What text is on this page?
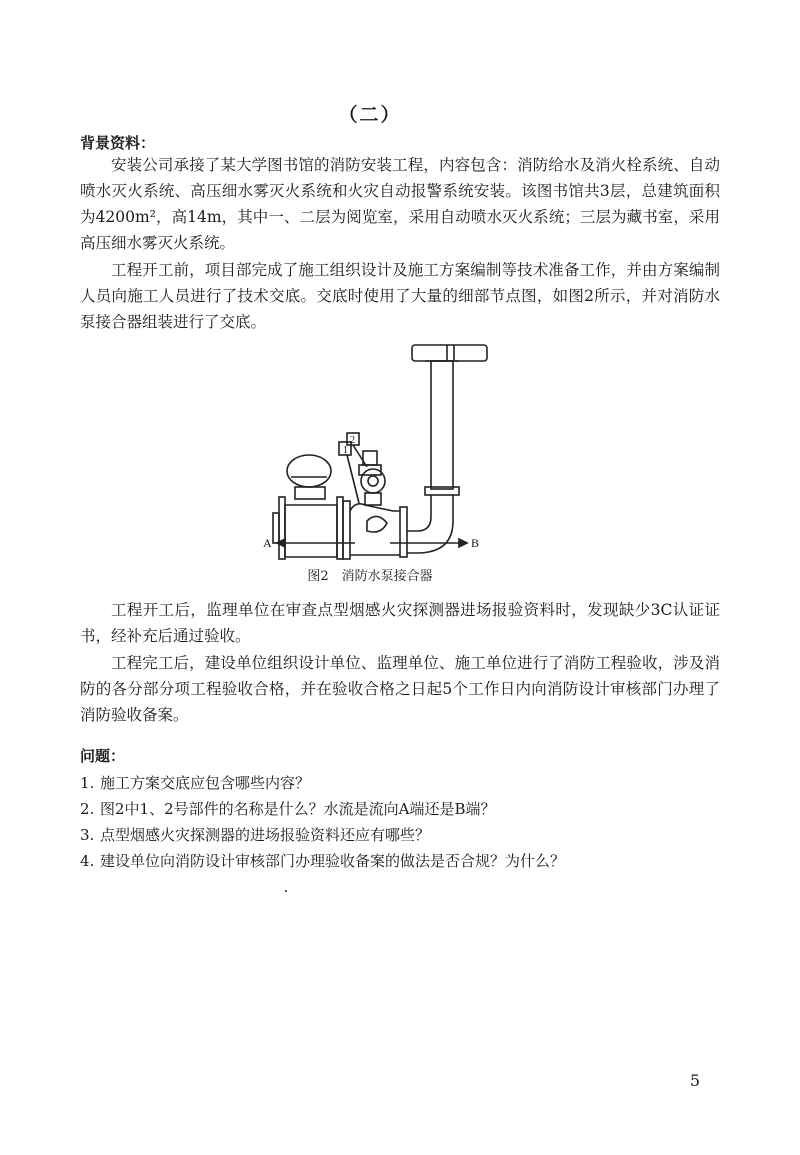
（二）
背景资料：

安装公司承接了某大学图书馆的消防安装工程，内容包含：消防给水及消火栓系统、自动喷水灭火系统、高压细水雾灭火系统和火灾自动报警系统安装。该图书馆共3层，总建筑面积为4200m²，高14m，其中一、二层为阅览室，采用自动喷水灭火系统；三层为藏书室，采用高压细水雾灭火系统。

工程开工前，项目部完成了施工组织设计及施工方案编制等技术准备工作，并由方案编制人员向施工人员进行了技术交底。交底时使用了大量的细部节点图，如图2所示，并对消防水泵接合器组装进行了交底。

1
2
A	B
图2　消防水泵接合器

工程开工后，监理单位在审查点型烟感火灾探测器进场报验资料时，发现缺少3C认证证书，经补充后通过验收。

工程完工后，建设单位组织设计单位、监理单位、施工单位进行了消防工程验收，涉及消防的各分部分项工程验收合格，并在验收合格之日起5个工作日内向消防设计审核部门办理了消防验收备案。

问题：
1. 施工方案交底应包含哪些内容？
2. 图2中1、2号部件的名称是什么？水流是流向A端还是B端？
3. 点型烟感火灾探测器的进场报验资料还应有哪些？
4. 建设单位向消防设计审核部门办理验收备案的做法是否合规？为什么？
5
